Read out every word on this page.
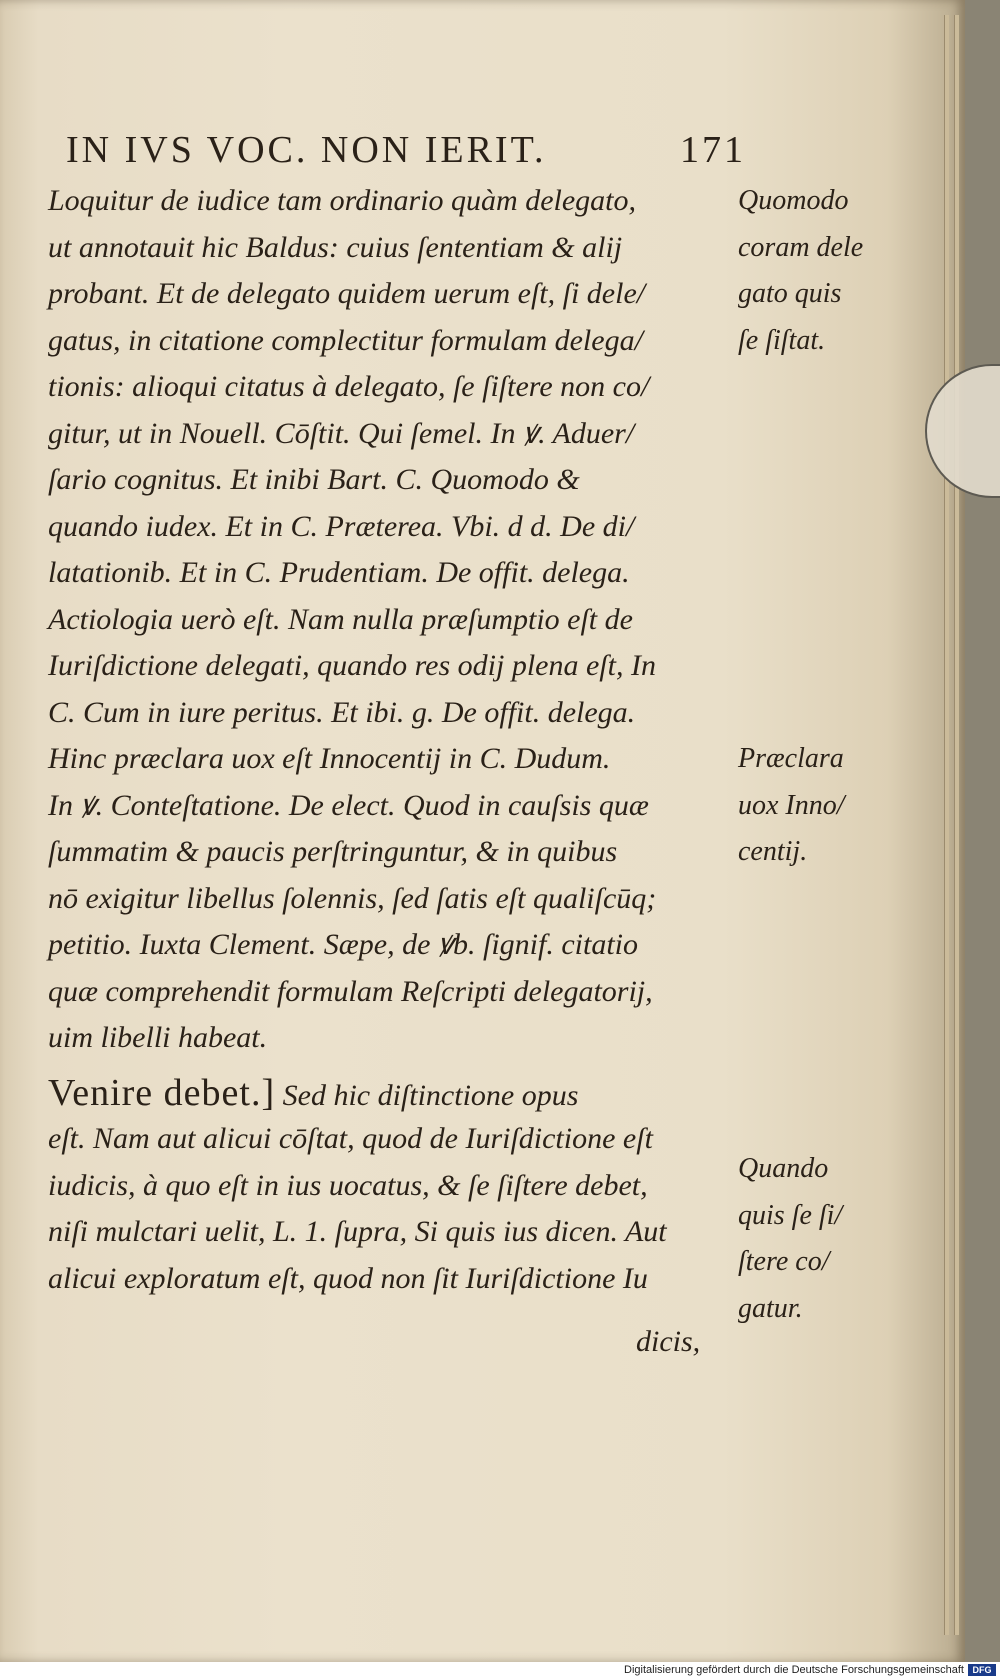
IN IVS VOC. NON IERIT.	171
Loquitur de iudice tam ordinario quàm delegato,
ut annotauit hic Baldus: cuius ſententiam & alij
probant. Et de delegato quidem uerum eſt, ſi dele/
gatus, in citatione complectitur formulam delega/
tionis: alioqui citatus à delegato, ſe ſiſtere non co/
gitur, ut in Nouell. Cōſtit. Qui ſemel. In ꝟ. Aduer/
ſario cognitus. Et inibi Bart. C. Quomodo &
quando iudex. Et in C. Præterea. Vbi. d d. De di/
latationib. Et in C. Prudentiam. De offit. delega.
Actiologia uerò eſt. Nam nulla præſumptio eſt de
Iuriſdictione delegati, quando res odij plena eſt, In
C. Cum in iure peritus. Et ibi. g. De offit. delega.
Hinc præclara uox eſt Innocentij in C. Dudum.
In ꝟ. Conteſtatione. De elect. Quod in cauſsis quæ
ſummatim & paucis perſtringuntur, & in quibus
nō exigitur libellus ſolennis, ſed ſatis eſt qualiſcūq;
petitio. Iuxta Clement. Sæpe, de ꝟb. ſignif. citatio
quæ comprehendit formulam Reſcripti delegatorij,
uim libelli habeat.
Venire debet.] Sed hic diſtinctione opus
eſt. Nam aut alicui cōſtat, quod de Iuriſdictione eſt
iudicis, à quo eſt in ius uocatus, & ſe ſiſtere debet,
niſi mulctari uelit, L. 1. ſupra, Si quis ius dicen. Aut
alicui exploratum eſt, quod non ſit Iuriſdictione Iu
dicis,
Quomodo
coram dele
gato quis
ſe ſiſtat.
Præclara
uox Inno/
centij.
Quando
quis ſe ſi/
ſtere co/
gatur.
Digitalisierung gefördert durch die Deutsche Forschungsgemeinschaft DFG
